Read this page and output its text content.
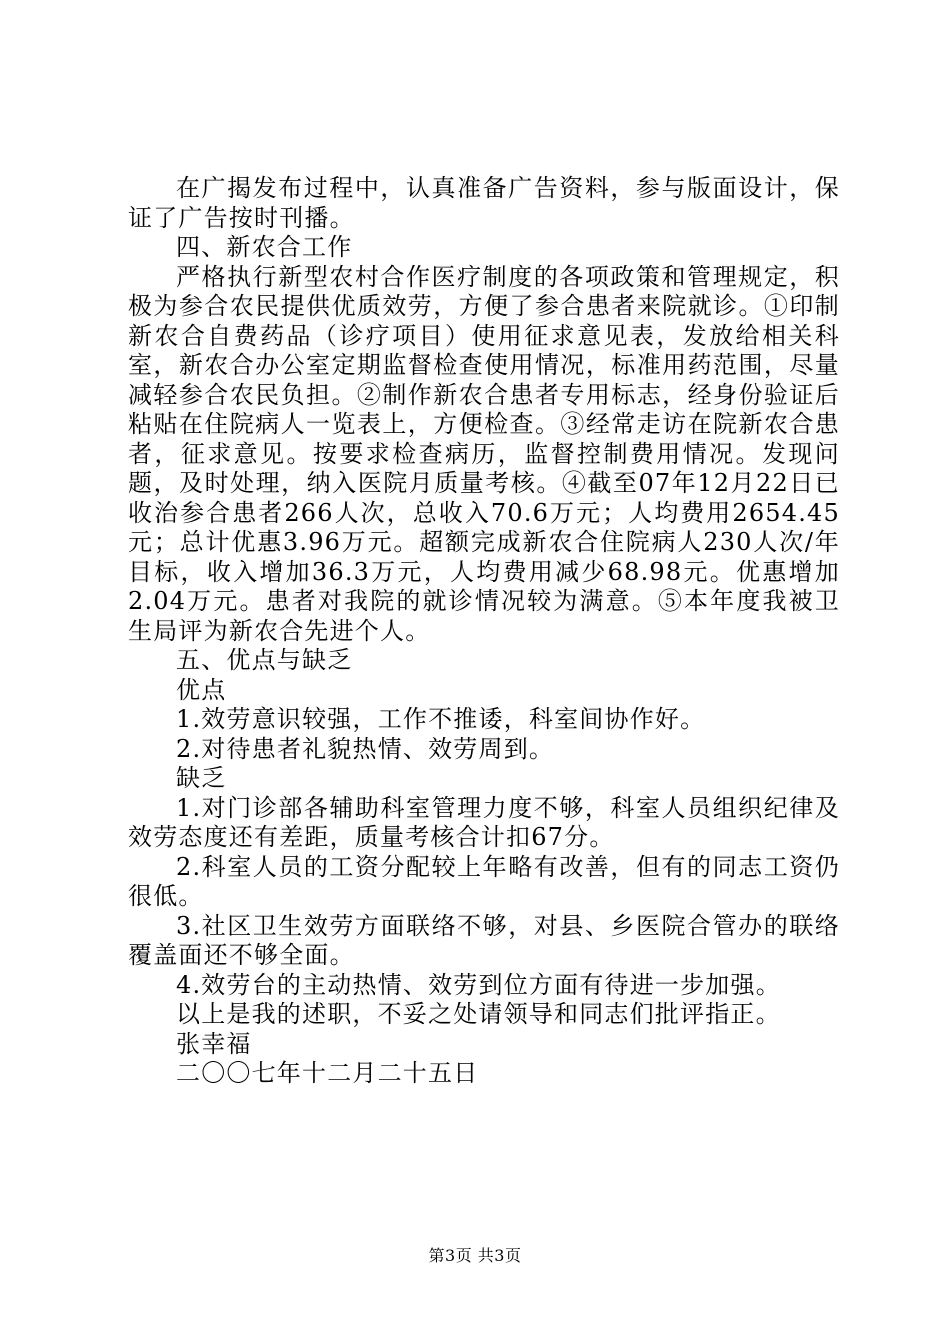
在广揭发布过程中，认真准备广告资料，参与版面设计，保证了广告按时刊播。

四、新农合工作

严格执行新型农村合作医疗制度的各项政策和管理规定，积极为参合农民提供优质效劳，方便了参合患者来院就诊。①印制新农合自费药品（诊疗项目）使用征求意见表，发放给相关科室，新农合办公室定期监督检查使用情况，标准用药范围，尽量减轻参合农民负担。②制作新农合患者专用标志，经身份验证后粘贴在住院病人一览表上，方便检查。③经常走访在院新农合患者，征求意见。按要求检查病历，监督控制费用情况。发现问题，及时处理，纳入医院月质量考核。④截至07年12月22日已收治参合患者266人次，总收入70.6万元；人均费用2654.45元；总计优惠3.96万元。超额完成新农合住院病人230人次/年目标，收入增加36.3万元，人均费用减少68.98元。优惠增加2.04万元。患者对我院的就诊情况较为满意。⑤本年度我被卫生局评为新农合先进个人。

五、优点与缺乏

优点

1.效劳意识较强，工作不推诿，科室间协作好。

2.对待患者礼貌热情、效劳周到。

缺乏

1.对门诊部各辅助科室管理力度不够，科室人员组织纪律及效劳态度还有差距，质量考核合计扣67分。

2.科室人员的工资分配较上年略有改善，但有的同志工资仍很低。

3.社区卫生效劳方面联络不够，对县、乡医院合管办的联络覆盖面还不够全面。

4.效劳台的主动热情、效劳到位方面有待进一步加强。

以上是我的述职，不妥之处请领导和同志们批评指正。

张幸福

二〇〇七年十二月二十五日

第3页 共3页
